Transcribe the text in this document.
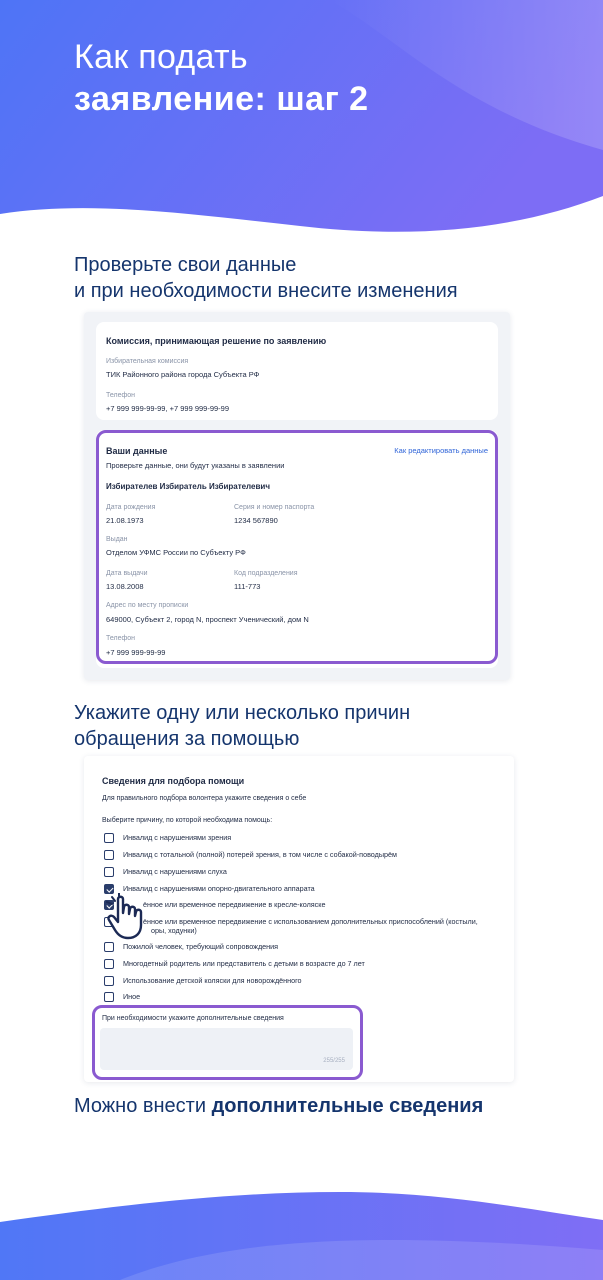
Как подать
заявление: шаг 2
Проверьте свои данные
и при необходимости внесите изменения
Комиссия, принимающая решение по заявлению
Избирательная комиссия
ТИК Районного района города Субъекта РФ
Телефон
+7 999 999-99-99, +7 999 999-99-99
Ваши данные	Как редактировать данные
Проверьте данные, они будут указаны в заявлении
Избирателев Избиратель Избирателевич
Дата рождения
21.08.1973
Серия и номер паспорта
1234 567890
Выдан
Отделом УФМС России по Субъекту РФ
Дата выдачи
13.08.2008
Код подразделения
111-773
Адрес по месту прописки
649000, Субъект 2, город N, проспект Ученический, дом N
Телефон
+7 999 999-99-99
Укажите одну или несколько причин
обращения за помощью
Сведения для подбора помощи
Для правильного подбора волонтера укажите сведения о себе
Выберите причину, по которой необходима помощь:
Инвалид с нарушениями зрения
Инвалид с тотальной (полной) потерей зрения, в том числе с собакой-поводырём
Инвалид с нарушениями слуха
Инвалид с нарушениями опорно-двигательного аппарата
ённое или временное передвижение в кресле-коляске
ённое или временное передвижение с использованием дополнительных приспособлений (костыли,
оры, ходунки)
Пожилой человек, требующий сопровождения
Многодетный родитель или представитель с детьми в возрасте до 7 лет
Использование детской коляски для новорождённого
Иное
При необходимости укажите дополнительные сведения
255/255
Можно внести дополнительные сведения
